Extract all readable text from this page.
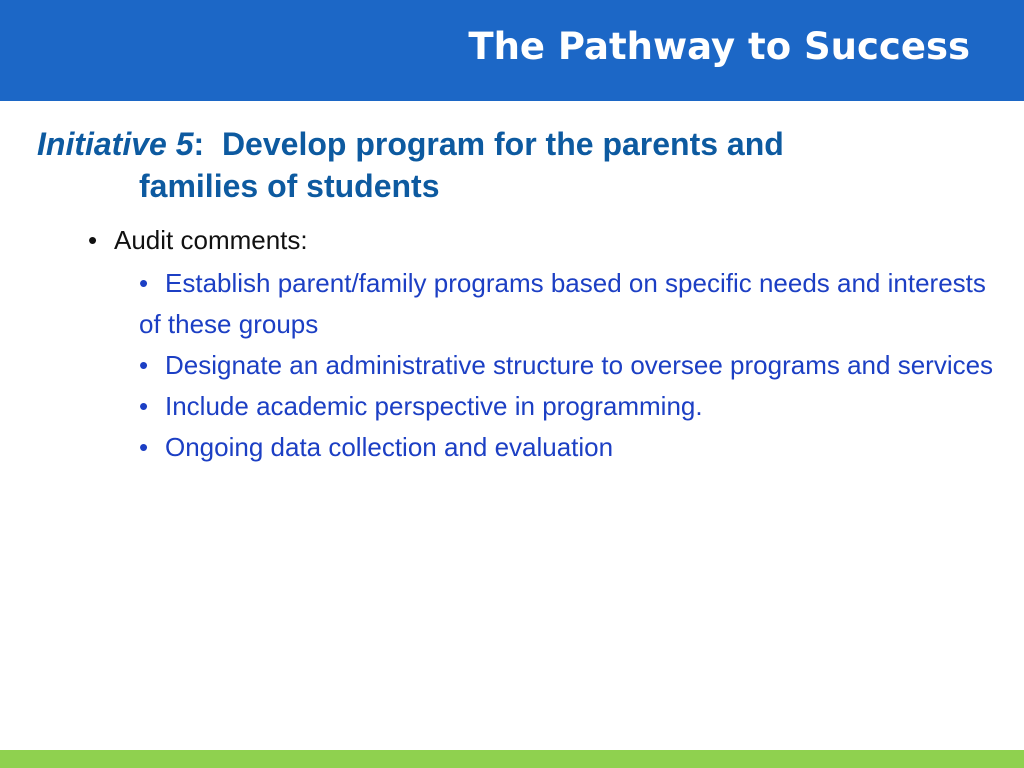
The Pathway to Success

Initiative 5: Develop program for the parents and
families of students

• Audit comments:

• Establish parent/family programs based on specific needs and interests of these groups
• Designate an administrative structure to oversee programs and services
• Include academic perspective in programming.
• Ongoing data collection and evaluation
